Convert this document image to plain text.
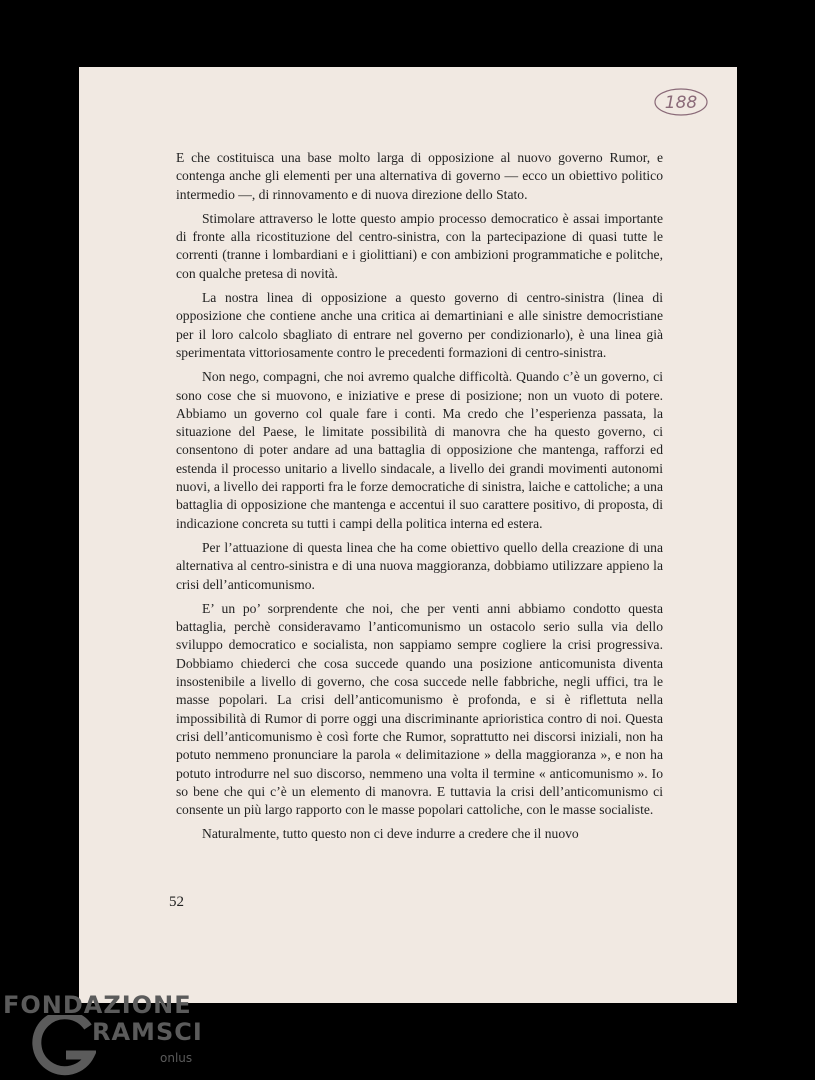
188

E che costituisca una base molto larga di opposizione al nuovo governo Rumor, e contenga anche gli elementi per una alternativa di governo — ecco un obiettivo politico intermedio —, di rinnovamento e di nuova direzione dello Stato.

Stimolare attraverso le lotte questo ampio processo democratico è assai importante di fronte alla ricostituzione del centro-sinistra, con la partecipazione di quasi tutte le correnti (tranne i lombardiani e i giolittiani) e con ambizioni programmatiche e politche, con qualche pretesa di novità.

La nostra linea di opposizione a questo governo di centro-sinistra (linea di opposizione che contiene anche una critica ai demartiniani e alle sinistre democristiane per il loro calcolo sbagliato di entrare nel governo per condizionarlo), è una linea già sperimentata vittoriosamente contro le precedenti formazioni di centro-sinistra.

Non nego, compagni, che noi avremo qualche difficoltà. Quando c’è un governo, ci sono cose che si muovono, e iniziative e prese di posizione; non un vuoto di potere. Abbiamo un governo col quale fare i conti. Ma credo che l’esperienza passata, la situazione del Paese, le limitate possibilità di manovra che ha questo governo, ci consentono di poter andare ad una battaglia di opposizione che mantenga, rafforzi ed estenda il processo unitario a livello sindacale, a livello dei grandi movimenti autonomi nuovi, a livello dei rapporti fra le forze democratiche di sinistra, laiche e cattoliche; a una battaglia di opposizione che mantenga e accentui il suo carattere positivo, di proposta, di indicazione concreta su tutti i campi della politica interna ed estera.

Per l’attuazione di questa linea che ha come obiettivo quello della creazione di una alternativa al centro-sinistra e di una nuova maggioranza, dobbiamo utilizzare appieno la crisi dell’anticomunismo.

E’ un po’ sorprendente che noi, che per venti anni abbiamo condotto questa battaglia, perchè consideravamo l’anticomunismo un ostacolo serio sulla via dello sviluppo democratico e socialista, non sappiamo sempre cogliere la crisi progressiva. Dobbiamo chiederci che cosa succede quando una posizione anticomunista diventa insostenibile a livello di governo, che cosa succede nelle fabbriche, negli uffici, tra le masse popolari. La crisi dell’anticomunismo è profonda, e si è riflettuta nella impossibilità di Rumor di porre oggi una discriminante aprioristica contro di noi. Questa crisi dell’anticomunismo è così forte che Rumor, soprattutto nei discorsi iniziali, non ha potuto nemmeno pronunciare la parola « delimitazione » della maggioranza », e non ha potuto introdurre nel suo discorso, nemmeno una volta il termine « anticomunismo ». Io so bene che qui c’è un elemento di manovra. E tuttavia la crisi dell’anticomunismo ci consente un più largo rapporto con le masse popolari cattoliche, con le masse socialiste.

Naturalmente, tutto questo non ci deve indurre a credere che il nuovo

52
FONDAZIONE
RAMSCI
onlus
